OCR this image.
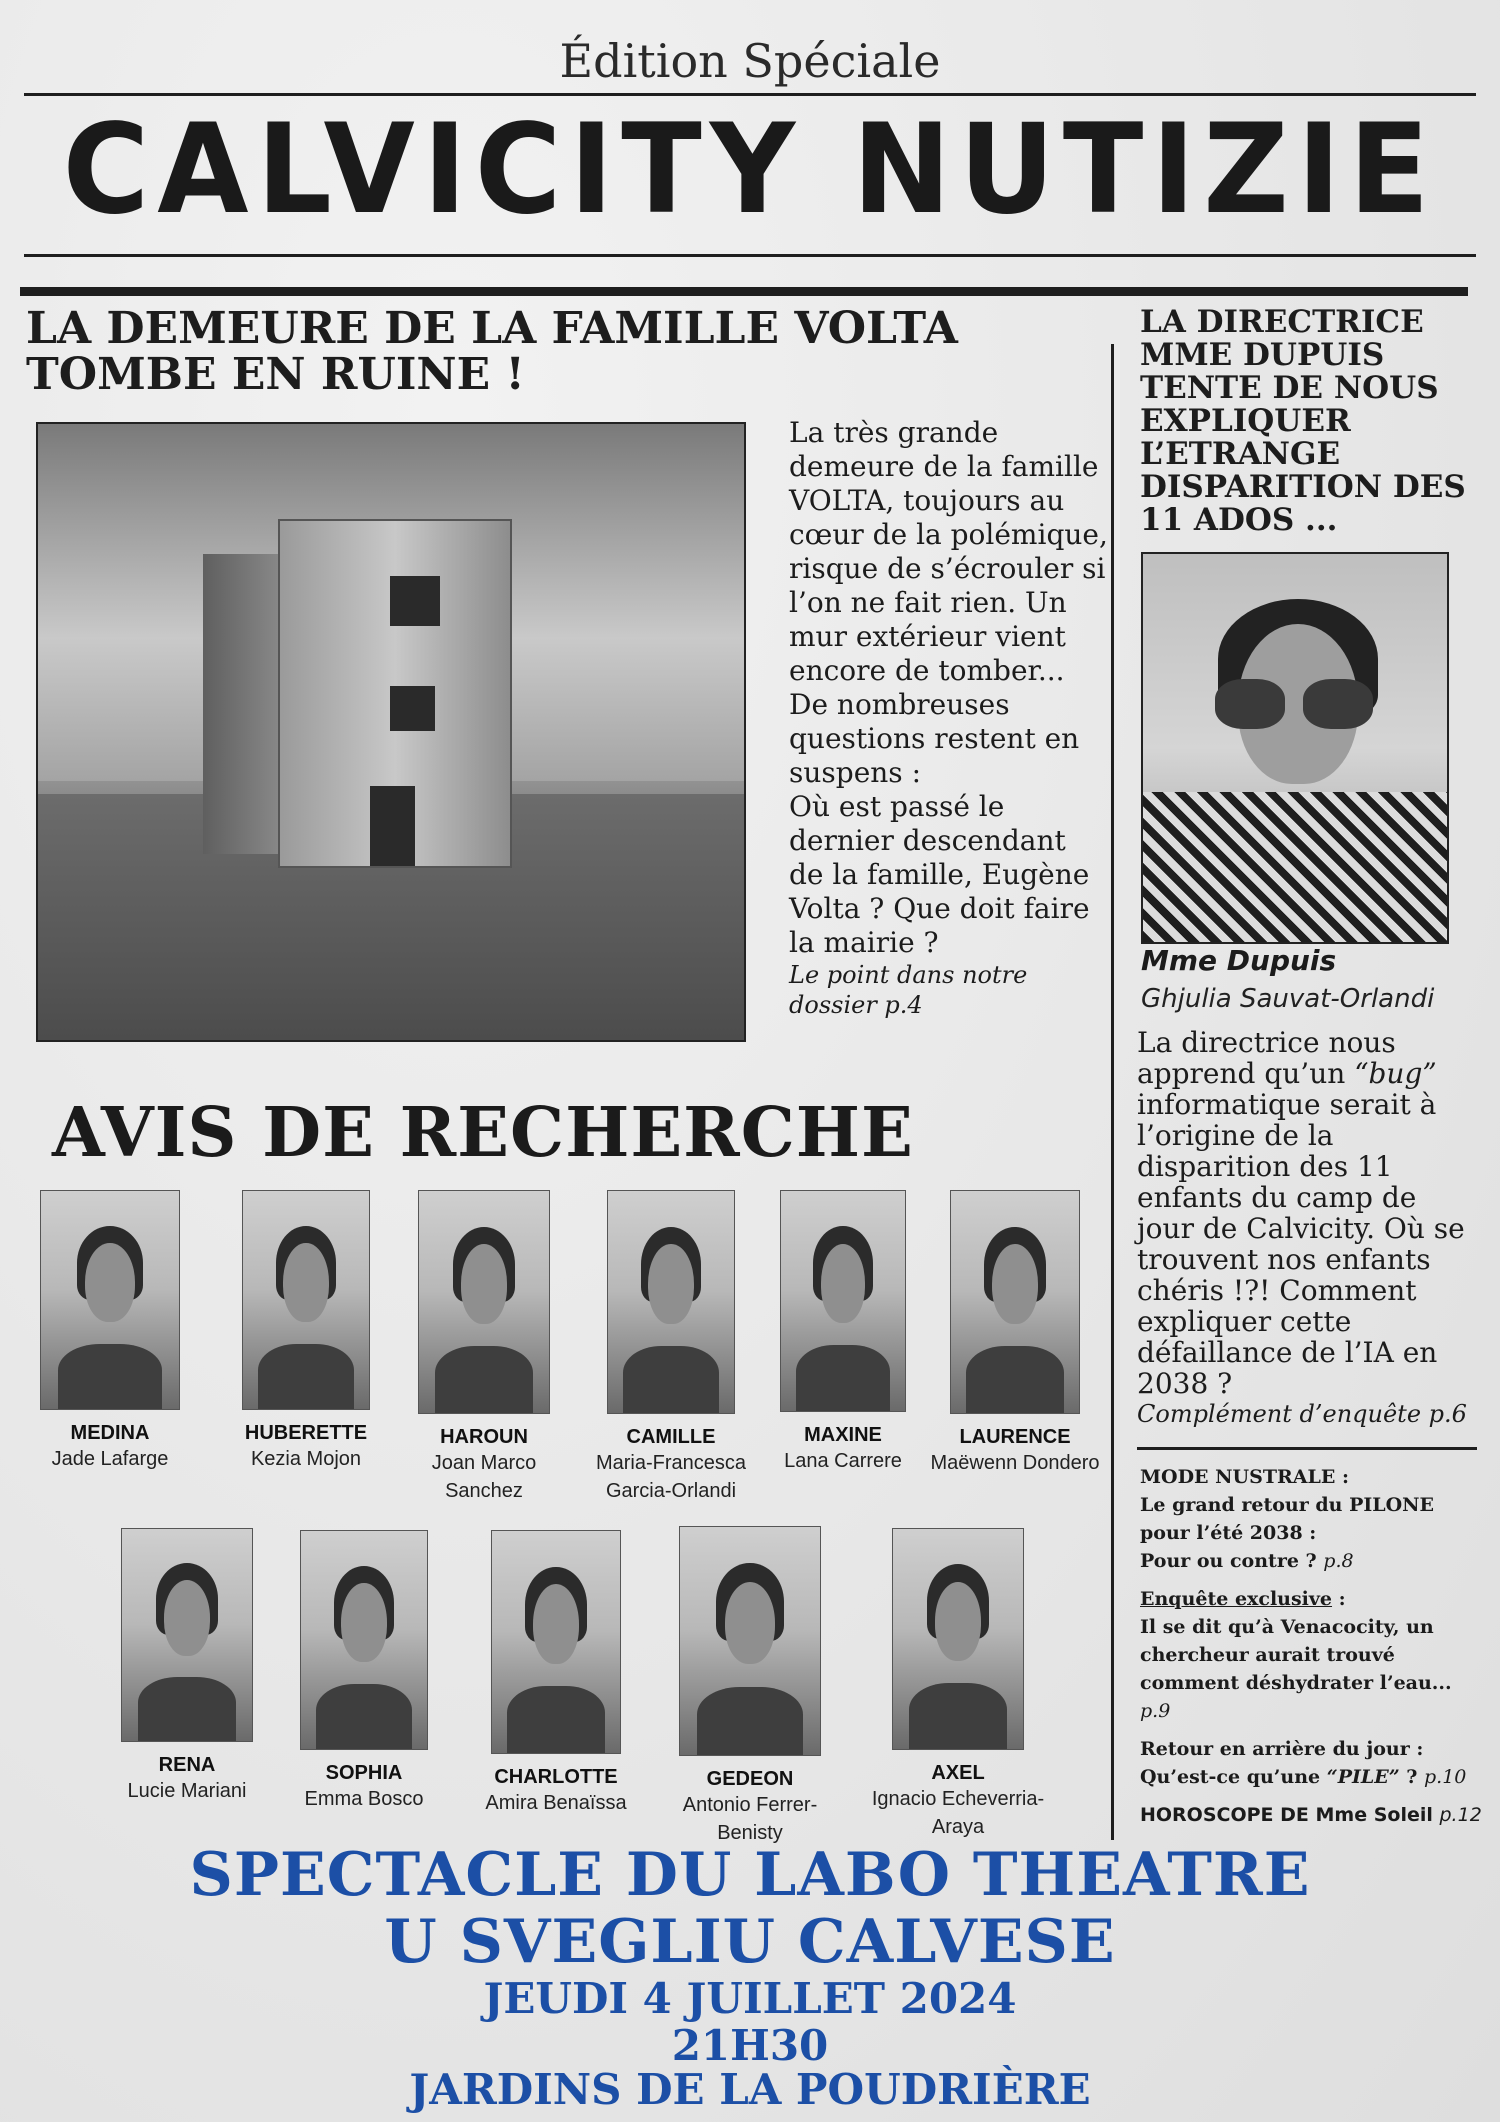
Édition Spéciale
CALVICITY NUTIZIE
LA DEMEURE DE LA FAMILLE VOLTA
TOMBE EN RUINE !
La très grande demeure de la famille VOLTA, toujours au cœur de la polémique, risque de s’écrouler si l’on ne fait rien. Un mur extérieur vient encore de tomber... De nombreuses questions restent en suspens :
Où est passé le dernier descendant de la famille, Eugène Volta ? Que doit faire la mairie ?
Le point dans notre dossier p.4
LA DIRECTRICE MME DUPUIS TENTE DE NOUS EXPLIQUER L’ETRANGE DISPARITION DES 11 ADOS ...
Mme Dupuis
Ghjulia Sauvat-Orlandi
La directrice nous apprend qu’un “bug” informatique serait à l’origine de la disparition des 11 enfants du camp de jour de Calvicity. Où se trouvent nos enfants chéris !?! Comment expliquer cette défaillance de l’IA en 2038 ?
Complément d’enquête p.6
AVIS DE RECHERCHE
MEDINA
Jade Lafarge
HUBERETTE
Kezia Mojon
HAROUN
Joan Marco Sanchez
CAMILLE
Maria-Francesca Garcia-Orlandi
MAXINE
Lana Carrere
LAURENCE
Maëwenn Dondero
RENA
Lucie Mariani
SOPHIA
Emma Bosco
CHARLOTTE
Amira Benaïssa
GEDEON
Antonio Ferrer-Benisty
AXEL
Ignacio Echeverria-Araya

MODE NUSTRALE :
Le grand retour du PILONE pour l’été 2038 :
Pour ou contre ? p.8

Enquête exclusive :
Il se dit qu’à Venacocity, un chercheur aurait trouvé comment déshydrater l’eau...
p.9

Retour en arrière du jour :
Qu’est-ce qu’une “PILE” ? p.10

HOROSCOPE DE Mme Soleil p.12

SPECTACLE DU LABO THEATRE
U SVEGLIU CALVESE
JEUDI 4 JUILLET 2024
21H30
JARDINS DE LA POUDRIÈRE
